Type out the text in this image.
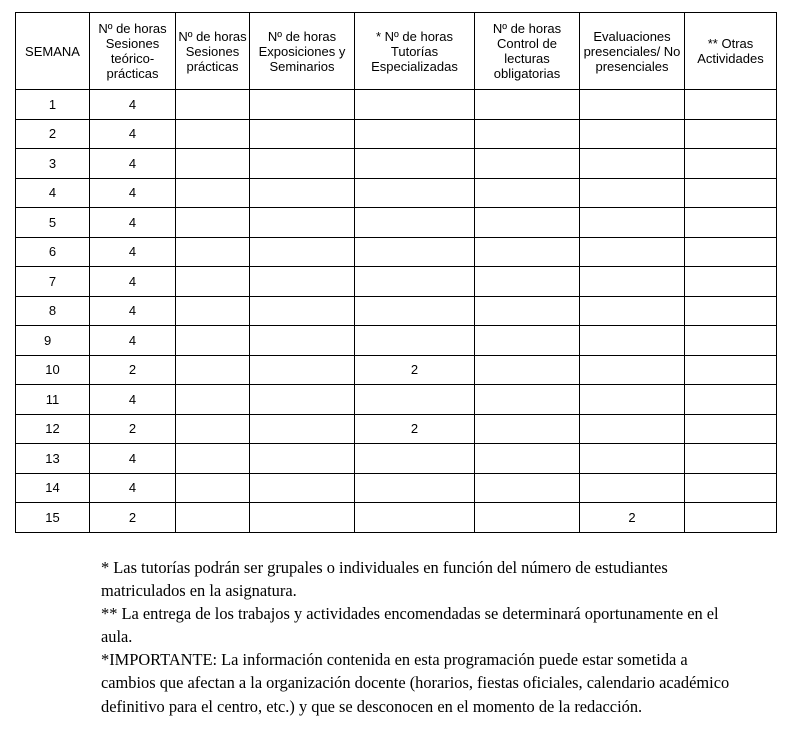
SEMANA	Nº de horas Sesiones teórico-prácticas	Nº de horas Sesiones prácticas	Nº de horas Exposiciones y Seminarios	* Nº de horas Tutorías Especializadas	Nº de horas Control de lecturas obligatorias	Evaluaciones presenciales/ No presenciales	** Otras Actividades
1	4						
2	4						
3	4						
4	4						
5	4						
6	4						
7	4						
8	4						
9	4						
10	2			2			
11	4						
12	2			2			
13	4						
14	4						
15	2					2	

* Las tutorías podrán ser grupales o individuales en función del número de estudiantes matriculados en la asignatura.

** La entrega de los trabajos y actividades encomendadas se determinará oportunamente en el aula.

*IMPORTANTE: La información contenida en esta programación puede estar sometida a cambios que afectan a la organización docente (horarios, fiestas oficiales, calendario académico definitivo para el centro, etc.) y que se desconocen en el momento de la redacción.
